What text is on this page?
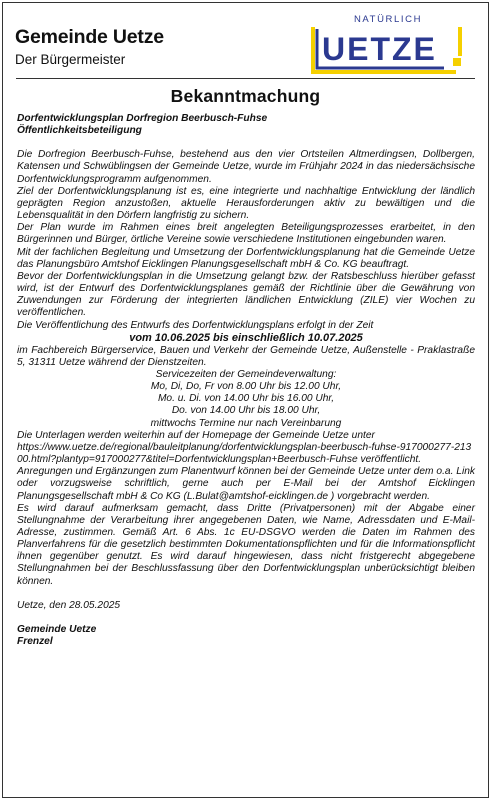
Gemeinde Uetze
Der Bürgermeister
NATÜRLICH
UETZE
Bekanntmachung

Dorfentwicklungsplan Dorfregion Beerbusch-Fuhse

Öffentlichkeitsbeteiligung

Die Dorfregion Beerbusch-Fuhse, bestehend aus den vier Ortsteilen Altmerdingsen, Dollbergen, Katensen und Schwüblingsen der Gemeinde Uetze, wurde im Frühjahr 2024 in das niedersächsische Dorfentwicklungsprogramm aufgenommen.

Ziel der Dorfentwicklungsplanung ist es, eine integrierte und nachhaltige Entwicklung der ländlich geprägten Region anzustoßen, aktuelle Herausforderungen aktiv zu bewältigen und die Lebensqualität in den Dörfern langfristig zu sichern.

Der Plan wurde im Rahmen eines breit angelegten Beteiligungsprozesses erarbeitet, in den Bürgerinnen und Bürger, örtliche Vereine sowie verschiedene Institutionen eingebunden waren.

Mit der fachlichen Begleitung und Umsetzung der Dorfentwicklungsplanung hat die Gemeinde Uetze das Planungsbüro Amtshof Eicklingen Planungsgesellschaft mbH & Co. KG beauftragt.

Bevor der Dorfentwicklungsplan in die Umsetzung gelangt bzw. der Ratsbeschluss hierüber gefasst wird, ist der Entwurf des Dorfentwicklungsplanes gemäß der Richtlinie über die Gewährung von Zuwendungen zur Förderung der integrierten ländlichen Entwicklung (ZILE) vier Wochen zu veröffentlichen.

Die Veröffentlichung des Entwurfs des Dorfentwicklungsplans erfolgt in der Zeit

vom 10.06.2025 bis einschließlich 10.07.2025

im Fachbereich Bürgerservice, Bauen und Verkehr der Gemeinde Uetze, Außenstelle - Praklastraße 5, 31311 Uetze während der Dienstzeiten.

Servicezeiten der Gemeindeverwaltung:

Mo, Di, Do, Fr von 8.00 Uhr bis 12.00 Uhr,

Mo. u. Di. von 14.00 Uhr bis 16.00 Uhr,

Do. von 14.00 Uhr bis 18.00 Uhr,

mittwochs Termine nur nach Vereinbarung

Die Unterlagen werden weiterhin auf der Homepage der Gemeinde Uetze unter

https://www.uetze.de/regional/bauleitplanung/dorfentwicklungsplan-beerbusch-fuhse-917000277-21300.html?plantyp=917000277&titel=Dorfentwicklungsplan+Beerbusch-Fuhse veröffentlicht.

Anregungen und Ergänzungen zum Planentwurf können bei der Gemeinde Uetze unter dem o.a. Link oder vorzugsweise schriftlich, gerne auch per E-Mail bei der Amtshof Eicklingen Planungsgesellschaft mbH & Co KG (L.Bulat@amtshof-eicklingen.de ) vorgebracht werden.

Es wird darauf aufmerksam gemacht, dass Dritte (Privatpersonen) mit der Abgabe einer Stellungnahme der Verarbeitung ihrer angegebenen Daten, wie Name, Adressdaten und E-Mail-Adresse, zustimmen. Gemäß Art. 6 Abs. 1c EU-DSGVO werden die Daten im Rahmen des Planverfahrens für die gesetzlich bestimmten Dokumentationspflichten und für die Informationspflicht ihnen gegenüber genutzt. Es wird darauf hingewiesen, dass nicht fristgerecht abgegebene Stellungnahmen bei der Beschlussfassung über den Dorfentwicklungsplan unberücksichtigt bleiben können.

Uetze, den 28.05.2025

Gemeinde Uetze

Frenzel
